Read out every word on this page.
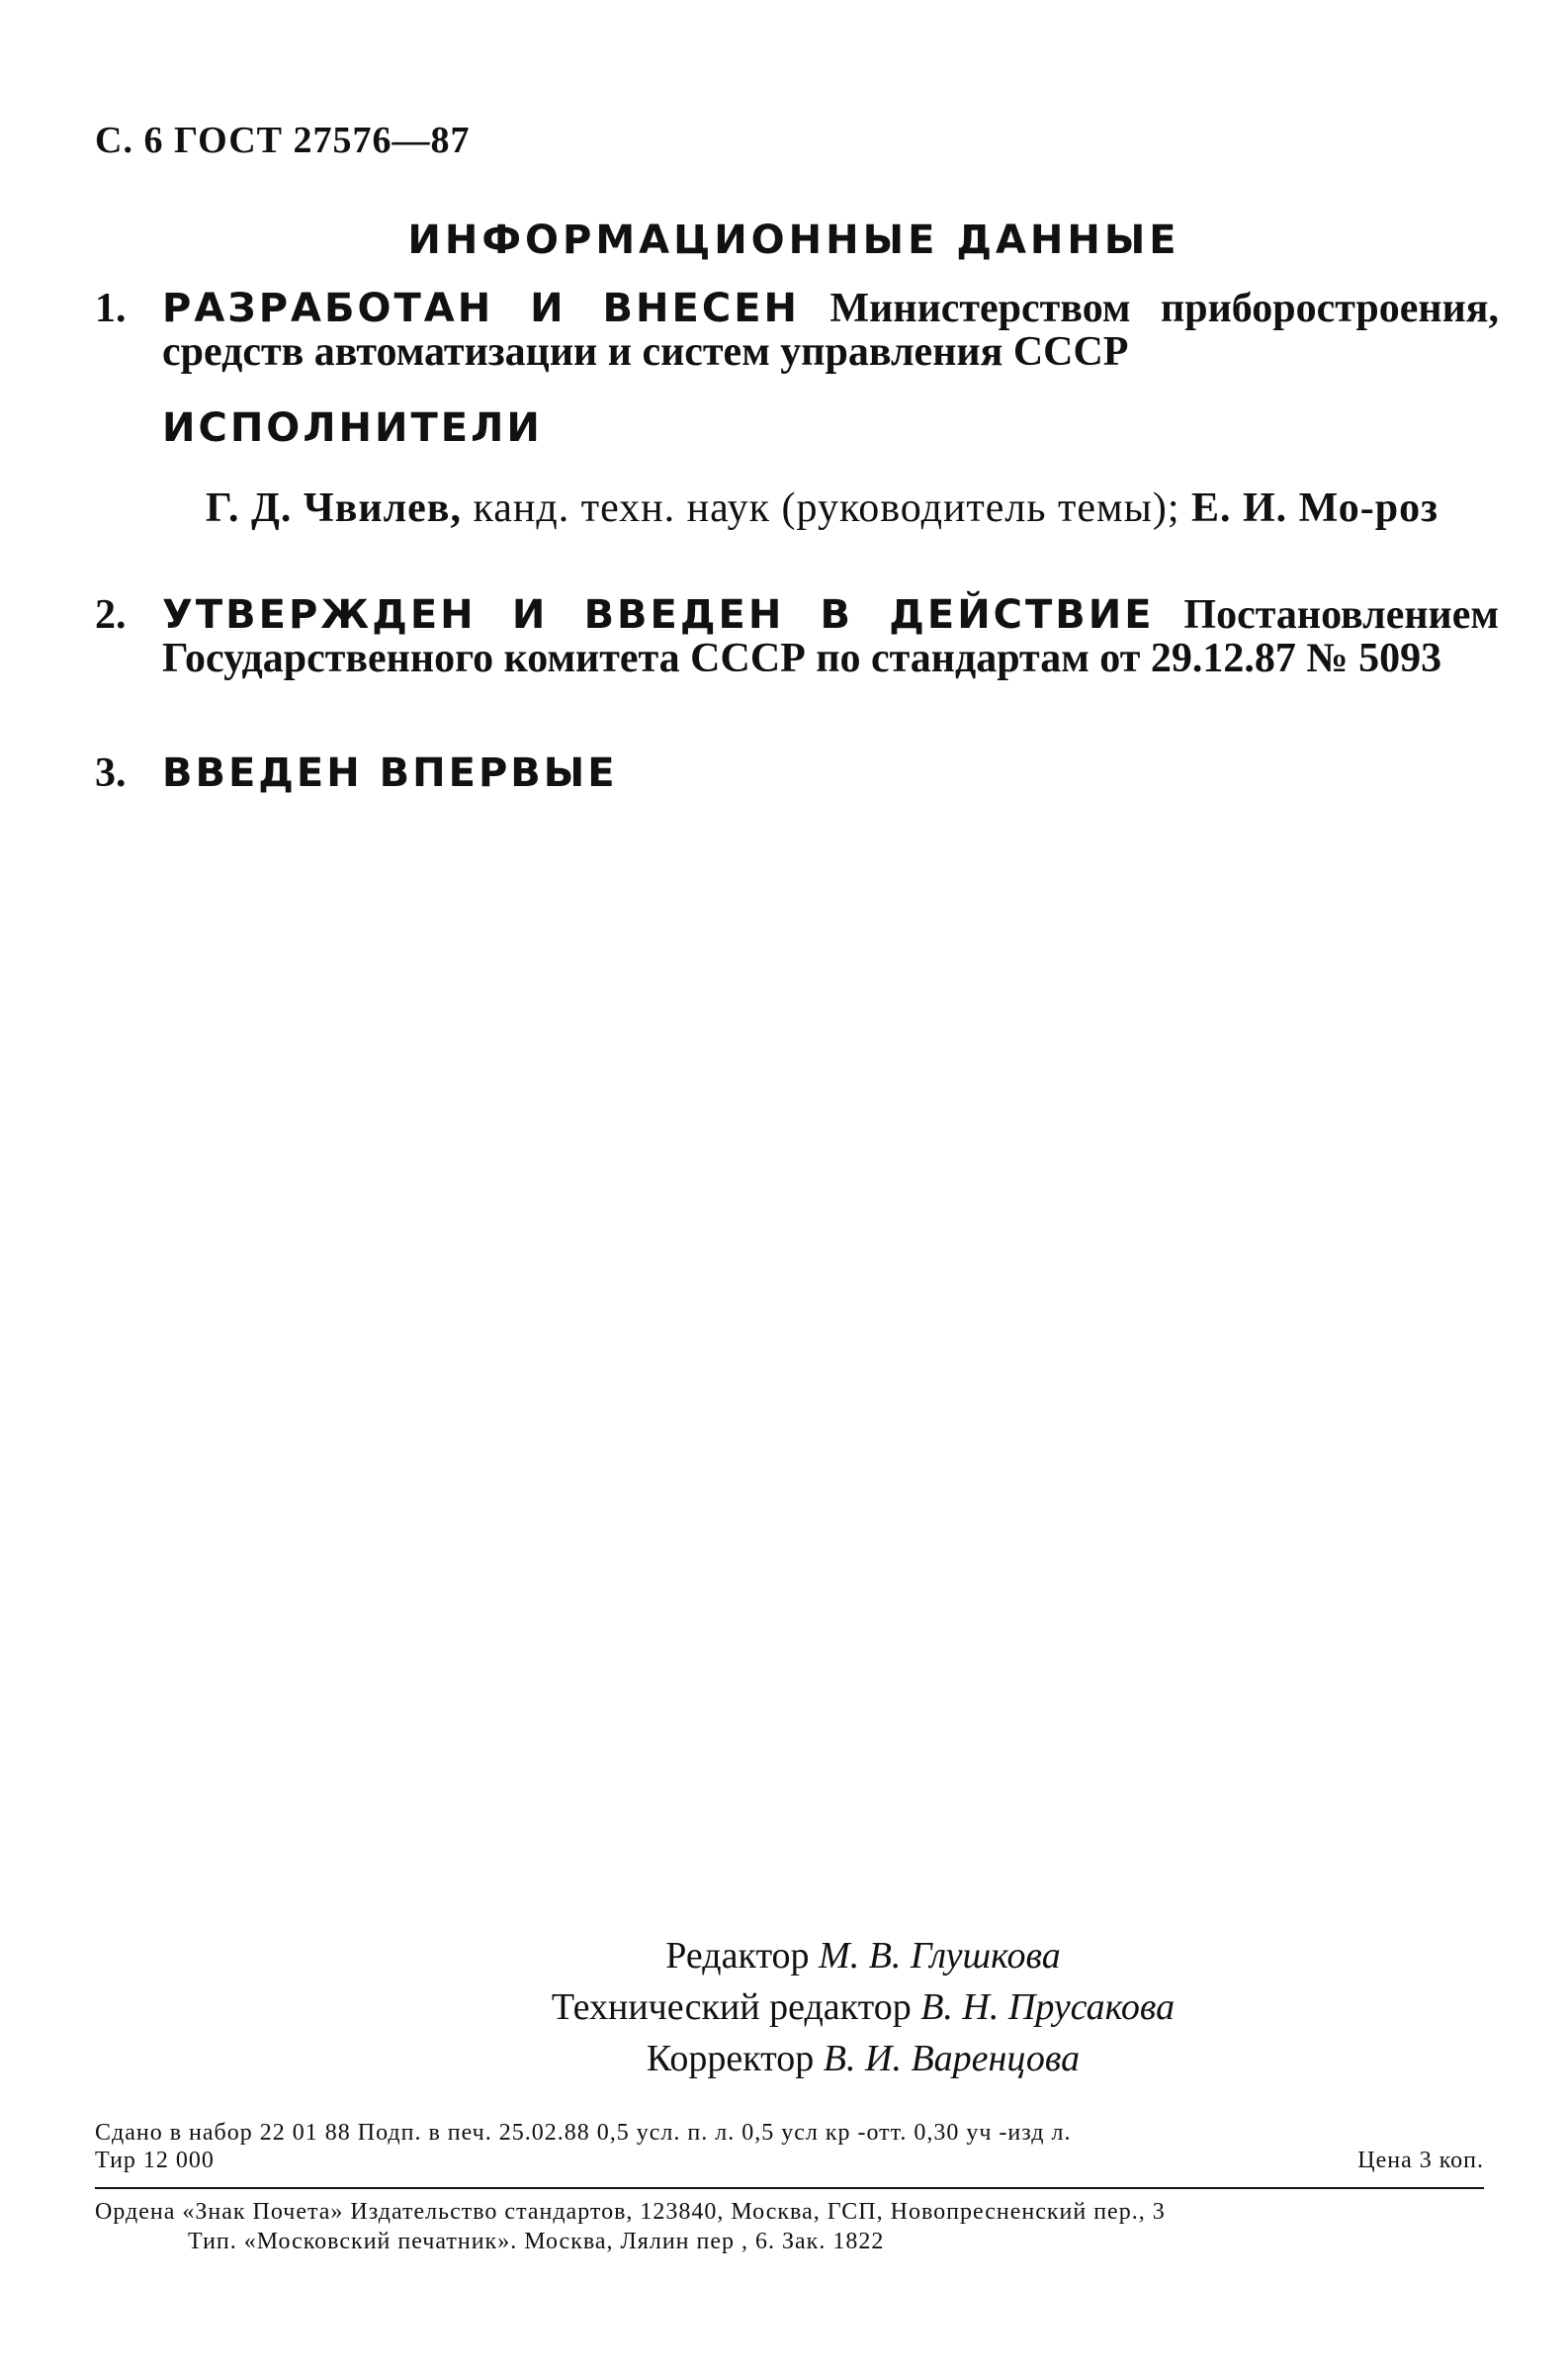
С. 6 ГОСТ 27576—87
ИНФОРМАЦИОННЫЕ ДАННЫЕ
1. РАЗРАБОТАН И ВНЕСЕН Министерством приборостроения, средств автоматизации и систем управления СССР
ИСПОЛНИТЕЛИ
Г. Д. Чвилев, канд. техн. наук (руководитель темы); Е. И. Мо-роз
2. УТВЕРЖДЕН И ВВЕДЕН В ДЕЙСТВИЕ Постановлением Государственного комитета СССР по стандартам от 29.12.87 № 5093
3. ВВЕДЕН ВПЕРВЫЕ
Редактор М. В. Глушкова
Технический редактор В. Н. Прусакова
Корректор В. И. Варенцова
Сдано в набор 22 01 88 Подп. в печ. 25.02.88 0,5 усл. п. л. 0,5 усл кр -отт. 0,30 уч -изд л.
Тир 12 000	Цена 3 коп.
Ордена «Знак Почета» Издательство стандартов, 123840, Москва, ГСП, Новопресненский пер., 3
Тип. «Московский печатник». Москва, Лялин пер , 6. Зак. 1822
